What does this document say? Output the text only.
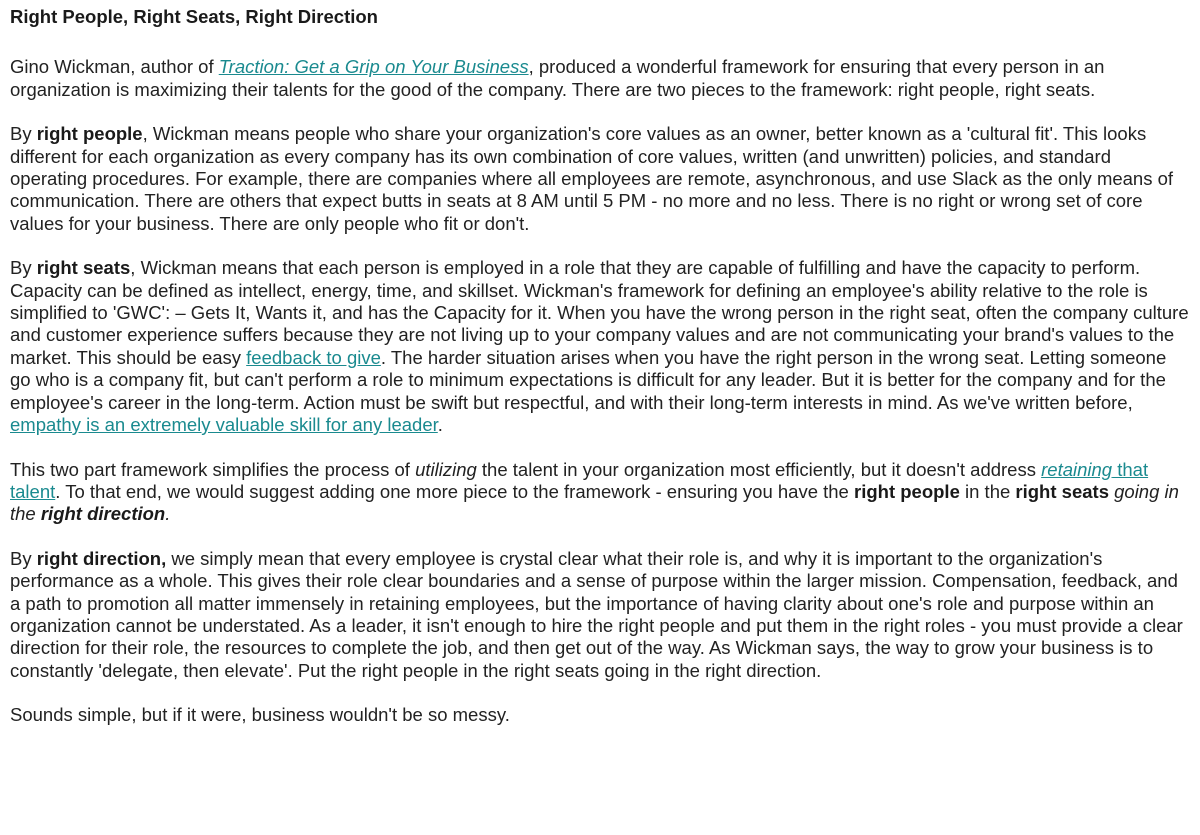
Right People, Right Seats, Right Direction

Gino Wickman, author of Traction: Get a Grip on Your Business, produced a wonderful framework for ensuring that every person in an organization is maximizing their talents for the good of the company. There are two pieces to the framework: right people, right seats.

By right people, Wickman means people who share your organization's core values as an owner, better known as a 'cultural fit'. This looks different for each organization as every company has its own combination of core values, written (and unwritten) policies, and standard operating procedures. For example, there are companies where all employees are remote, asynchronous, and use Slack as the only means of communication. There are others that expect butts in seats at 8 AM until 5 PM - no more and no less. There is no right or wrong set of core values for your business. There are only people who fit or don't.

By right seats, Wickman means that each person is employed in a role that they are capable of fulfilling and have the capacity to perform. Capacity can be defined as intellect, energy, time, and skillset. Wickman's framework for defining an employee's ability relative to the role is simplified to 'GWC': – Gets It, Wants it, and has the Capacity for it. When you have the wrong person in the right seat, often the company culture and customer experience suffers because they are not living up to your company values and are not communicating your brand's values to the market. This should be easy feedback to give. The harder situation arises when you have the right person in the wrong seat. Letting someone go who is a company fit, but can't perform a role to minimum expectations is difficult for any leader. But it is better for the company and for the employee's career in the long-term. Action must be swift but respectful, and with their long-term interests in mind. As we've written before, empathy is an extremely valuable skill for any leader.

This two part framework simplifies the process of utilizing the talent in your organization most efficiently, but it doesn't address retaining that talent. To that end, we would suggest adding one more piece to the framework - ensuring you have the right people in the right seats going in the right direction.

By right direction, we simply mean that every employee is crystal clear what their role is, and why it is important to the organization's performance as a whole. This gives their role clear boundaries and a sense of purpose within the larger mission. Compensation, feedback, and a path to promotion all matter immensely in retaining employees, but the importance of having clarity about one's role and purpose within an organization cannot be understated. As a leader, it isn't enough to hire the right people and put them in the right roles - you must provide a clear direction for their role, the resources to complete the job, and then get out of the way. As Wickman says, the way to grow your business is to constantly 'delegate, then elevate'. Put the right people in the right seats going in the right direction.

Sounds simple, but if it were, business wouldn't be so messy.
